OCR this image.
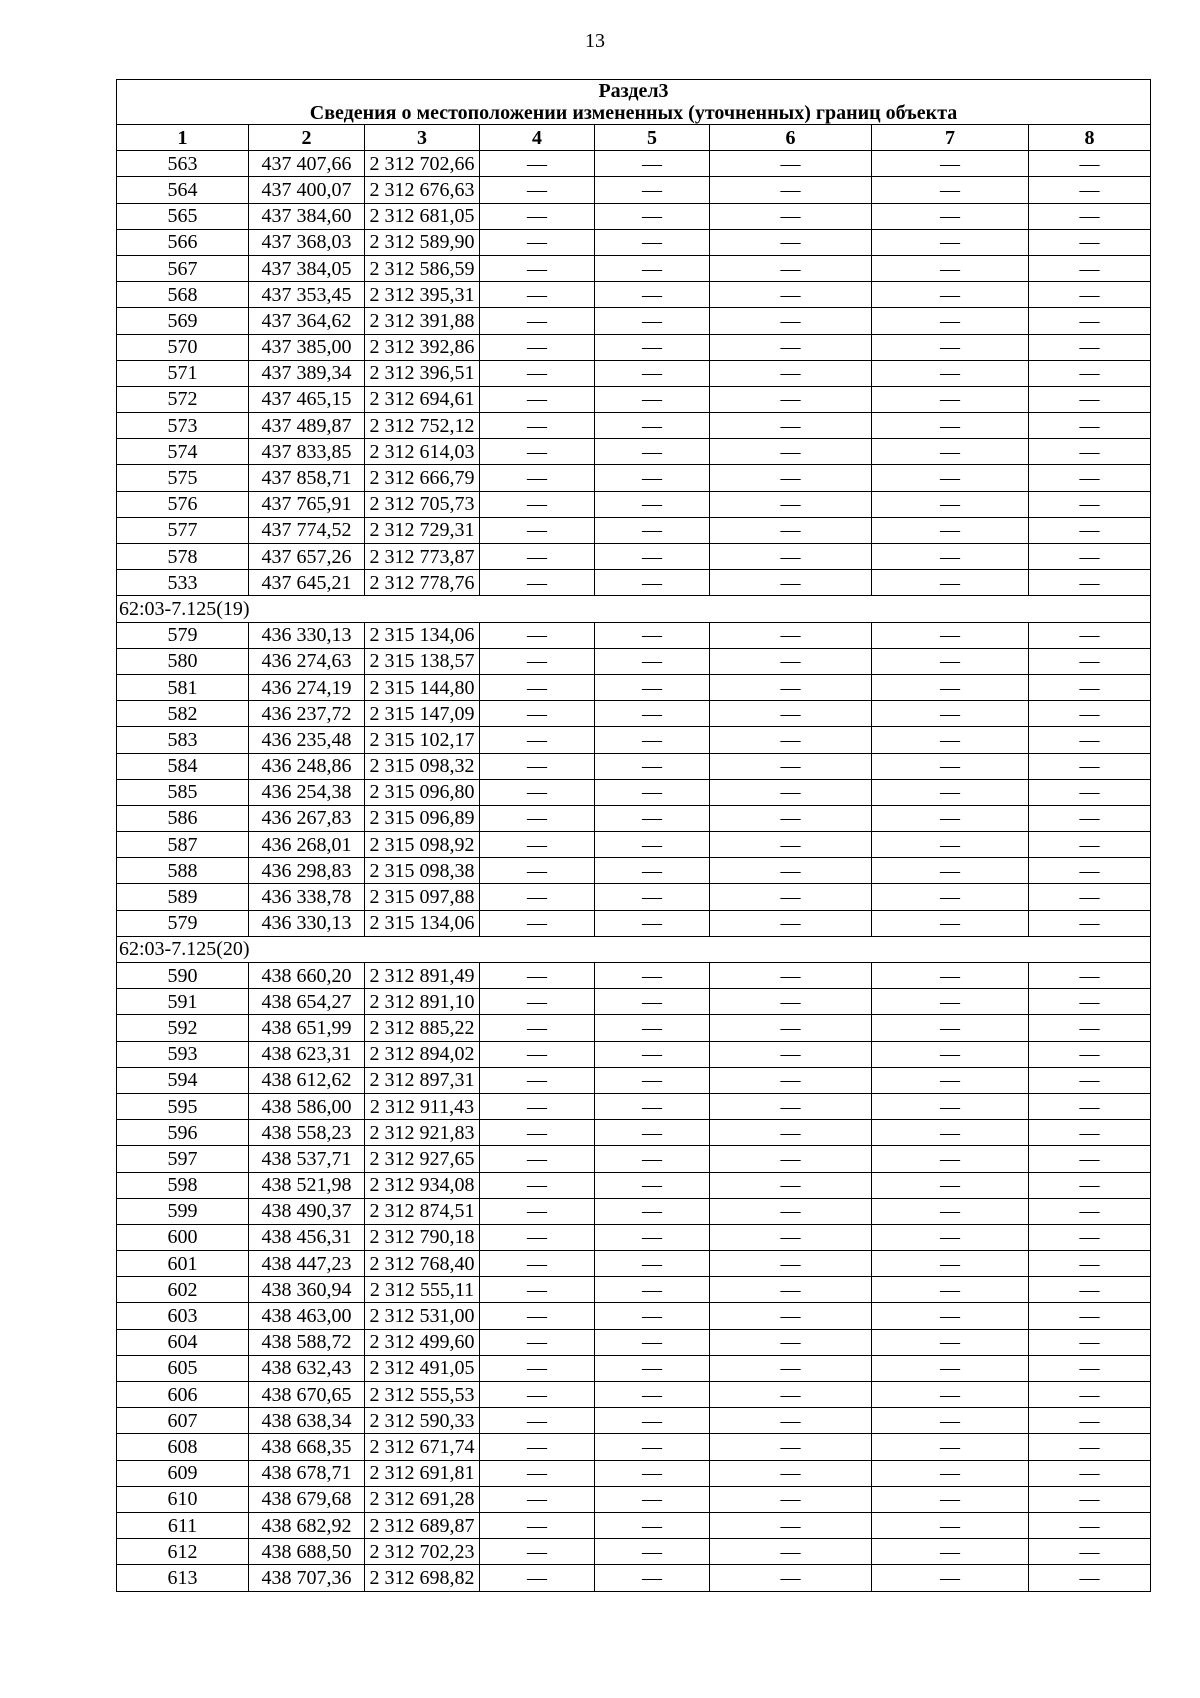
13
Раздел3
Сведения о местоположении измененных (уточненных) границ объекта							

1	2	3	4	5	6	7	8
563	437 407,66	2 312 702,66	—	—	—	—	—
564	437 400,07	2 312 676,63	—	—	—	—	—
565	437 384,60	2 312 681,05	—	—	—	—	—
566	437 368,03	2 312 589,90	—	—	—	—	—
567	437 384,05	2 312 586,59	—	—	—	—	—
568	437 353,45	2 312 395,31	—	—	—	—	—
569	437 364,62	2 312 391,88	—	—	—	—	—
570	437 385,00	2 312 392,86	—	—	—	—	—
571	437 389,34	2 312 396,51	—	—	—	—	—
572	437 465,15	2 312 694,61	—	—	—	—	—
573	437 489,87	2 312 752,12	—	—	—	—	—
574	437 833,85	2 312 614,03	—	—	—	—	—
575	437 858,71	2 312 666,79	—	—	—	—	—
576	437 765,91	2 312 705,73	—	—	—	—	—
577	437 774,52	2 312 729,31	—	—	—	—	—
578	437 657,26	2 312 773,87	—	—	—	—	—
533	437 645,21	2 312 778,76	—	—	—	—	—
62:03-7.125(19)							
579	436 330,13	2 315 134,06	—	—	—	—	—
580	436 274,63	2 315 138,57	—	—	—	—	—
581	436 274,19	2 315 144,80	—	—	—	—	—
582	436 237,72	2 315 147,09	—	—	—	—	—
583	436 235,48	2 315 102,17	—	—	—	—	—
584	436 248,86	2 315 098,32	—	—	—	—	—
585	436 254,38	2 315 096,80	—	—	—	—	—
586	436 267,83	2 315 096,89	—	—	—	—	—
587	436 268,01	2 315 098,92	—	—	—	—	—
588	436 298,83	2 315 098,38	—	—	—	—	—
589	436 338,78	2 315 097,88	—	—	—	—	—
579	436 330,13	2 315 134,06	—	—	—	—	—
62:03-7.125(20)							
590	438 660,20	2 312 891,49	—	—	—	—	—
591	438 654,27	2 312 891,10	—	—	—	—	—
592	438 651,99	2 312 885,22	—	—	—	—	—
593	438 623,31	2 312 894,02	—	—	—	—	—
594	438 612,62	2 312 897,31	—	—	—	—	—
595	438 586,00	2 312 911,43	—	—	—	—	—
596	438 558,23	2 312 921,83	—	—	—	—	—
597	438 537,71	2 312 927,65	—	—	—	—	—
598	438 521,98	2 312 934,08	—	—	—	—	—
599	438 490,37	2 312 874,51	—	—	—	—	—
600	438 456,31	2 312 790,18	—	—	—	—	—
601	438 447,23	2 312 768,40	—	—	—	—	—
602	438 360,94	2 312 555,11	—	—	—	—	—
603	438 463,00	2 312 531,00	—	—	—	—	—
604	438 588,72	2 312 499,60	—	—	—	—	—
605	438 632,43	2 312 491,05	—	—	—	—	—
606	438 670,65	2 312 555,53	—	—	—	—	—
607	438 638,34	2 312 590,33	—	—	—	—	—
608	438 668,35	2 312 671,74	—	—	—	—	—
609	438 678,71	2 312 691,81	—	—	—	—	—
610	438 679,68	2 312 691,28	—	—	—	—	—
611	438 682,92	2 312 689,87	—	—	—	—	—
612	438 688,50	2 312 702,23	—	—	—	—	—
613	438 707,36	2 312 698,82	—	—	—	—	—
